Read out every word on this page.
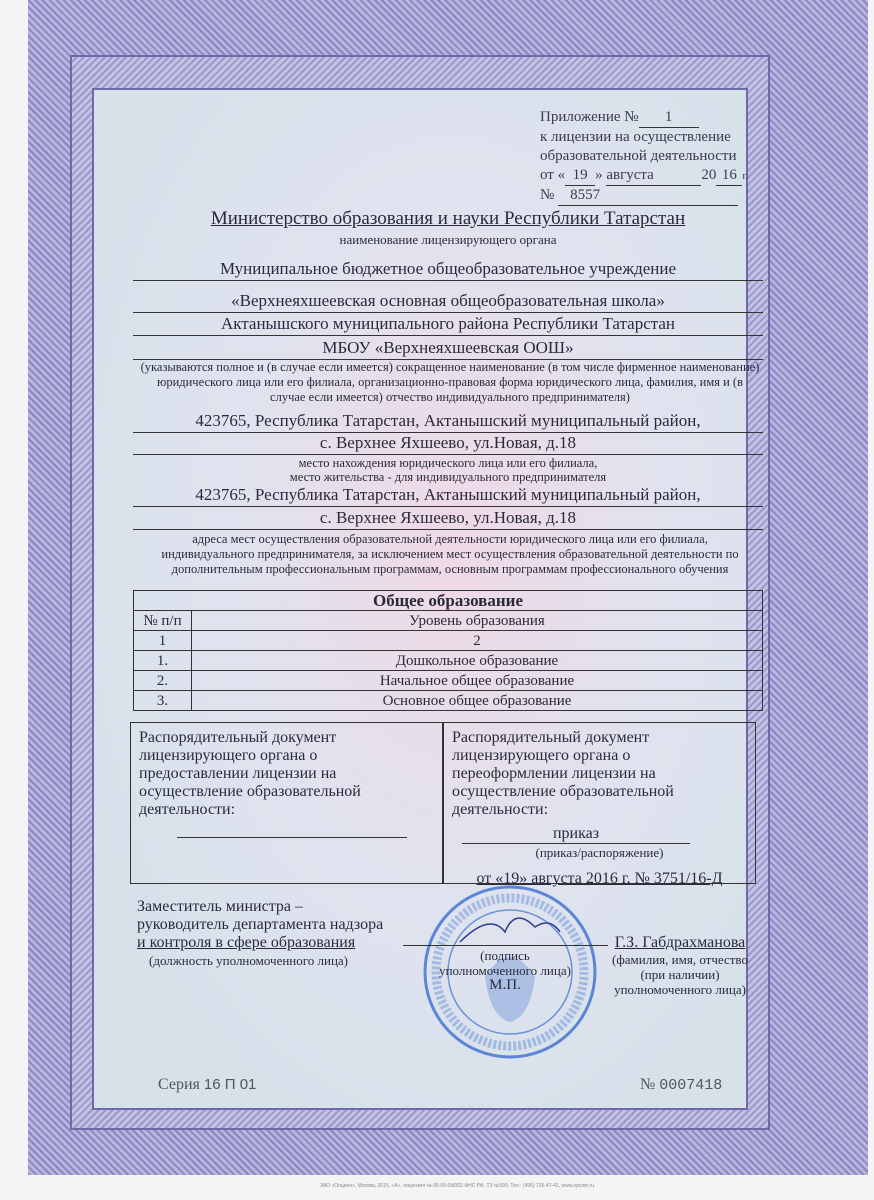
Приложение № 1
к лицензии на осуществление
образовательной деятельности
от « 19 » августа	20 16 г.
№ 8557
Министерство образования и науки Республики Татарстан
наименование лицензирующего органа
Муниципальное бюджетное общеобразовательное учреждение
«Верхнеяхшеевская основная общеобразовательная школа»
Актанышского муниципального района Республики Татарстан
МБОУ «Верхнеяхшеевская ООШ»
(указываются полное и (в случае если имеется) сокращенное наименование (в том числе фирменное наименование) юридического лица или его филиала, организационно-правовая форма юридического лица, фамилия, имя и (в случае если имеется) отчество индивидуального предпринимателя)
423765, Республика Татарстан, Актанышский муниципальный район,
с. Верхнее Яхшеево, ул.Новая, д.18
место нахождения юридического лица или его филиала,
место жительства - для индивидуального предпринимателя
423765, Республика Татарстан, Актанышский муниципальный район,
с. Верхнее Яхшеево, ул.Новая, д.18
адреса мест осуществления образовательной деятельности юридического лица или его филиала, индивидуального предпринимателя, за исключением мест осуществления образовательной деятельности по дополнительным профессиональным программам, основным программам профессионального обучения
Общее образование	
№ п/п	Уровень образования
1	2
1.	Дошкольное образование
2.	Начальное общее образование
3.	Основное общее образование
Распорядительный документ лицензирующего органа о предоставлении лицензии на осуществление образовательной деятельности:
Распорядительный документ лицензирующего органа о переоформлении лицензии на осуществление образовательной деятельности:
приказ
(приказ/распоряжение)
от «19» августа 2016 г. № 3751/16-Д
Заместитель министра –
руководитель департамента надзора
и контроля в сфере образования
(должность уполномоченного лица)	(подпись
уполномоченного лица)
М.П.
Г.З. Габдрахманова
(фамилия, имя, отчество
(при наличии)
уполномоченного лица)
Серия 16 П 01	№ 0007418
ЗАО «Опцион», Москва, 2015, «А», лицензия № 05-05-09/003 ФНС РФ, ТЗ №599. Тел.: (495) 726-47-42, www.opcion.ru
